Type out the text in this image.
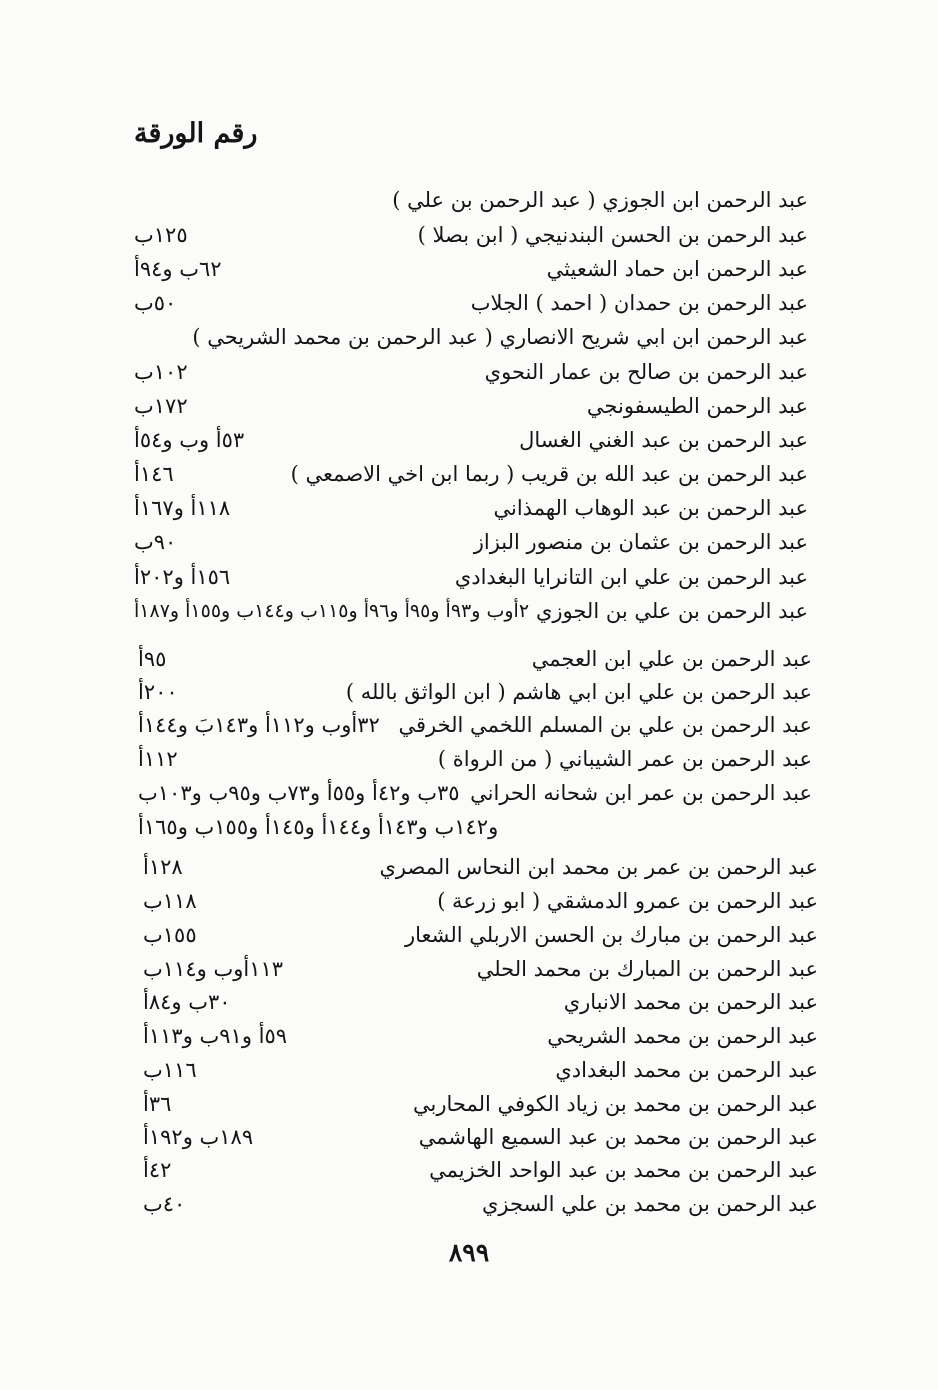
رقم الورقة
عبد الرحمن ابن الجوزي ( عبد الرحمن بن علي )
عبد الرحمن بن الحسن البندنيجي ( ابن بصلا )
١٢٥ب
عبد الرحمن ابن حماد الشعيثي
٦٢ب و٩٤أ
عبد الرحمن بن حمدان ( احمد ) الجلاب
٥٠ب
عبد الرحمن ابن ابي شريح الانصاري ( عبد الرحمن بن محمد الشريحي )
عبد الرحمن بن صالح بن عمار النحوي
١٠٢ب
عبد الرحمن الطيسفونجي
١٧٢ب
عبد الرحمن بن عبد الغني الغسال
٥٣أ وب و٥٤أ
عبد الرحمن بن عبد الله بن قريب ( ربما ابن اخي الاصمعي )
١٤٦أ
عبد الرحمن بن عبد الوهاب الهمذاني
١١٨أ و١٦٧أ
عبد الرحمن بن عثمان بن منصور البزاز
٩٠ب
عبد الرحمن بن علي ابن التانرايا البغدادي
١٥٦أ و٢٠٢أ
عبد الرحمن بن علي بن الجوزي
٢أوب و٩٣أ و٩٥أ و٩٦أ و١١٥ب و١٤٤ب و١٥٥أ و١٨٧أ
عبد الرحمن بن علي ابن العجمي
٩٥أ
عبد الرحمن بن علي ابن ابي هاشم ( ابن الواثق بالله )
٢٠٠أ
عبد الرحمن بن علي بن المسلم اللخمي الخرقي
٣٢أوب و١١٢أ و١٤٣بَ و١٤٤أ
عبد الرحمن بن عمر الشيباني ( من الرواة )
١١٢أ
عبد الرحمن بن عمر ابن شحانه الحراني
٣٥ب و٤٢أ و٥٥أ و٧٣ب و٩٥ب و١٠٣ب
و١٤٢ب و١٤٣أ و١٤٤أ و١٤٥أ و١٥٥ب و١٦٥أ
عبد الرحمن بن عمر بن محمد ابن النحاس المصري
١٢٨أ
عبد الرحمن بن عمرو الدمشقي ( ابو زرعة )
١١٨ب
عبد الرحمن بن مبارك بن الحسن الاربلي الشعار
١٥٥ب
عبد الرحمن بن المبارك بن محمد الحلي
١١٣أوب و١١٤ب
عبد الرحمن بن محمد الانباري
٣٠ب و٨٤أ
عبد الرحمن بن محمد الشريحي
٥٩أ و٩١ب و١١٣أ
عبد الرحمن بن محمد البغدادي
١١٦ب
عبد الرحمن بن محمد بن زياد الكوفي المحاربي
٣٦أ
عبد الرحمن بن محمد بن عبد السميع الهاشمي
١٨٩ب و١٩٢أ
عبد الرحمن بن محمد بن عبد الواحد الخزيمي
٤٢أ
عبد الرحمن بن محمد بن علي السجزي
٤٠ب
٨٩٩
